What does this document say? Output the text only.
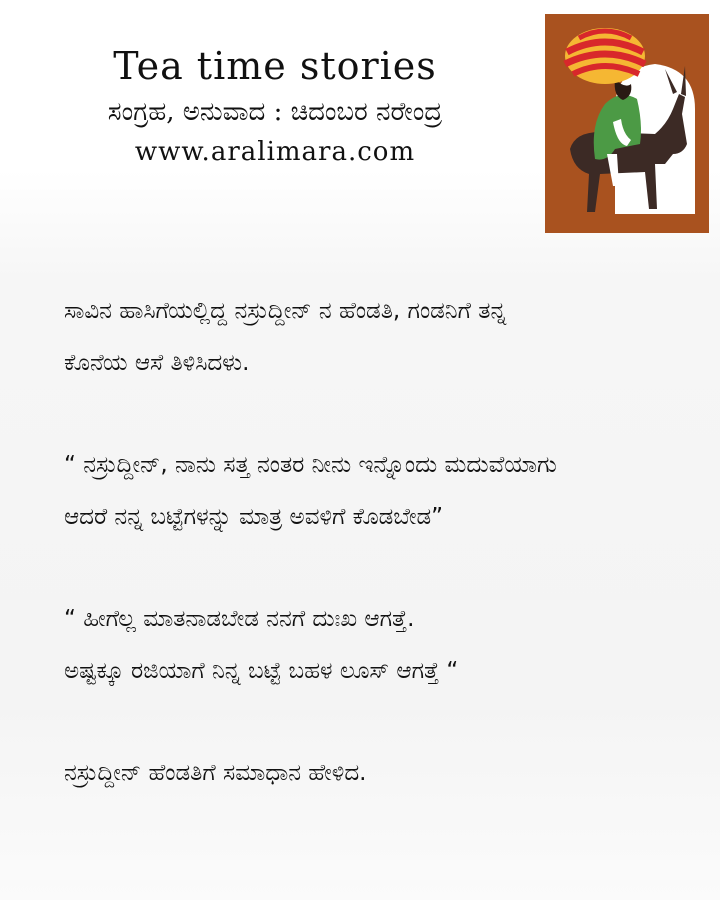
Tea time stories

ಸಂಗ್ರಹ, ಅನುವಾದ : ಚಿದಂಬರ ನರೇಂದ್ರ

www.aralimara.com

ಸಾವಿನ ಹಾಸಿಗೆಯಲ್ಲಿದ್ದ ನಸ್ರುದ್ದೀನ್ ನ ಹೆಂಡತಿ, ಗಂಡನಿಗೆ ತನ್ನ

ಕೊನೆಯ ಆಸೆ ತಿಳಿಸಿದಳು.

“ ನಸ್ರುದ್ದೀನ್, ನಾನು ಸತ್ತ ನಂತರ ನೀನು ಇನ್ನೊಂದು ಮದುವೆಯಾಗು

ಆದರೆ ನನ್ನ ಬಟ್ಟೆಗಳನ್ನು ಮಾತ್ರ ಅವಳಿಗೆ ಕೊಡಬೇಡ”

“ ಹೀಗೆಲ್ಲ ಮಾತನಾಡಬೇಡ ನನಗೆ ದುಃಖ ಆಗತ್ತೆ.

ಅಷ್ಟಕ್ಕೂ ರಜಿಯಾಗೆ ನಿನ್ನ ಬಟ್ಟೆ ಬಹಳ ಲೂಸ್ ಆಗತ್ತೆ “

ನಸ್ರುದ್ದೀನ್ ಹೆಂಡತಿಗೆ ಸಮಾಧಾನ ಹೇಳಿದ.
